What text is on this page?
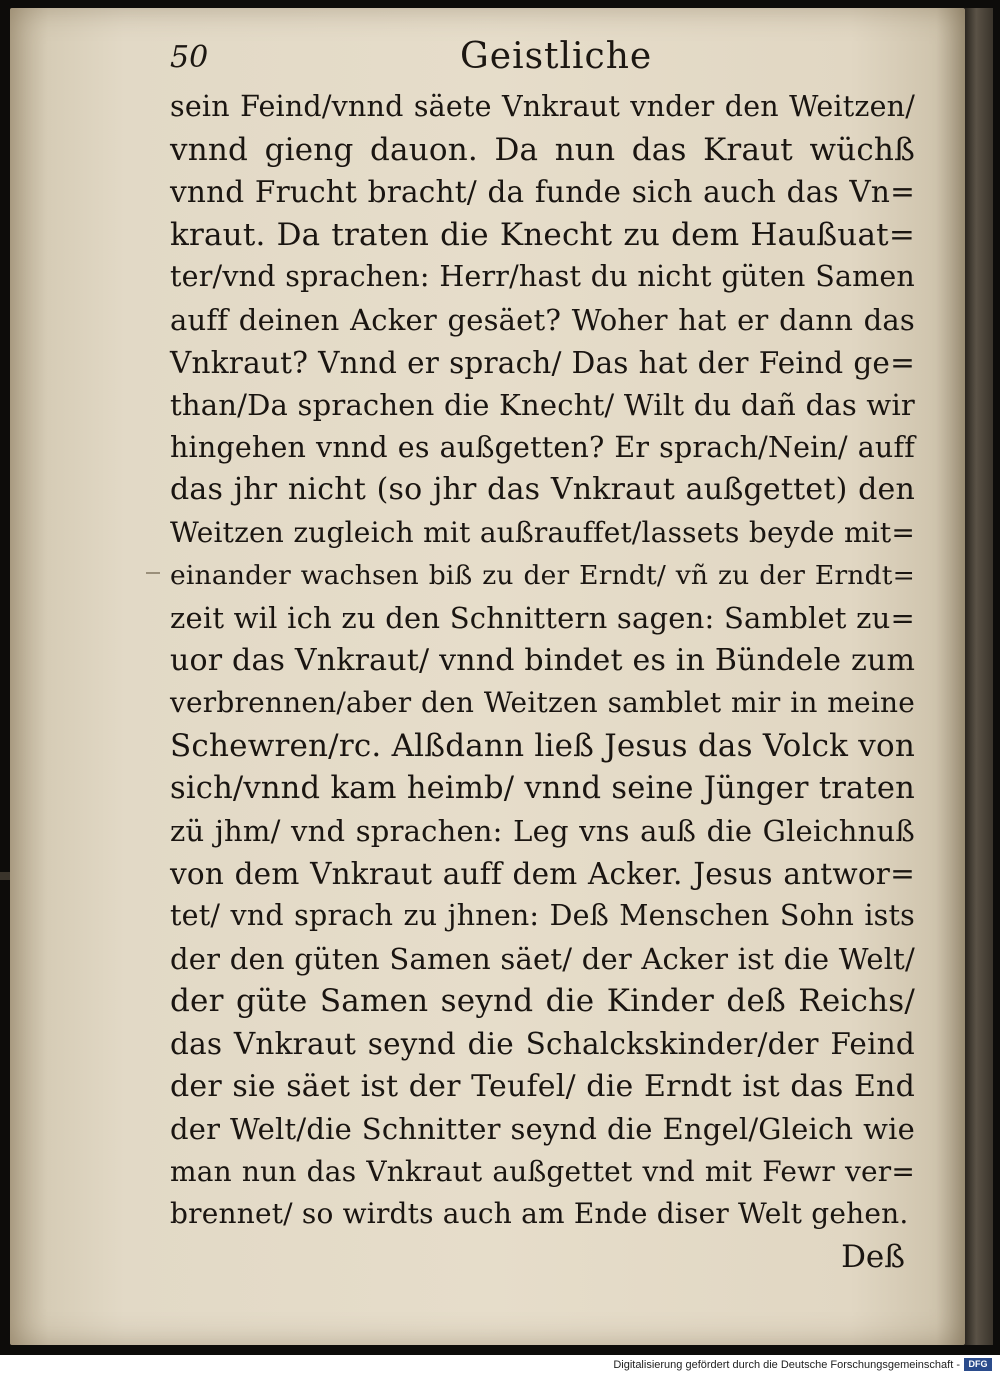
50	Geistliche
sein Feind/vnnd säete Vnkraut vnder den Weitzen/
vnnd gieng dauon. Da nun das Kraut wüchß
vnnd Frucht bracht/ da funde sich auch das Vn=
kraut. Da traten die Knecht zu dem Haußuat=
ter/vnd sprachen: Herr/hast du nicht güten Samen
auff deinen Acker gesäet? Woher hat er dann das
Vnkraut? Vnnd er sprach/ Das hat der Feind ge=
than/Da sprachen die Knecht/ Wilt du dañ das wir
hingehen vnnd es außgetten? Er sprach/Nein/ auff
das jhr nicht (so jhr das Vnkraut außgettet) den
Weitzen zugleich mit außrauffet/lassets beyde mit=
einander wachsen biß zu der Erndt/ vñ zu der Erndt=
zeit wil ich zu den Schnittern sagen: Samblet zu=
uor das Vnkraut/ vnnd bindet es in Bündele zum
verbrennen/aber den Weitzen samblet mir in meine
Schewren/rc. Alßdann ließ Jesus das Volck von
sich/vnnd kam heimb/ vnnd seine Jünger traten
zü jhm/ vnd sprachen: Leg vns auß die Gleichnuß
von dem Vnkraut auff dem Acker. Jesus antwor=
tet/ vnd sprach zu jhnen: Deß Menschen Sohn ists
der den güten Samen säet/ der Acker ist die Welt/
der güte Samen seynd die Kinder deß Reichs/
das Vnkraut seynd die Schalckskinder/der Feind
der sie säet ist der Teufel/ die Erndt ist das End
der Welt/die Schnitter seynd die Engel/Gleich wie
man nun das Vnkraut außgettet vnd mit Fewr ver=
brennet/ so wirdts auch am Ende diser Welt gehen.
Deß
Digitalisierung gefördert durch die Deutsche Forschungsgemeinschaft - DFG
